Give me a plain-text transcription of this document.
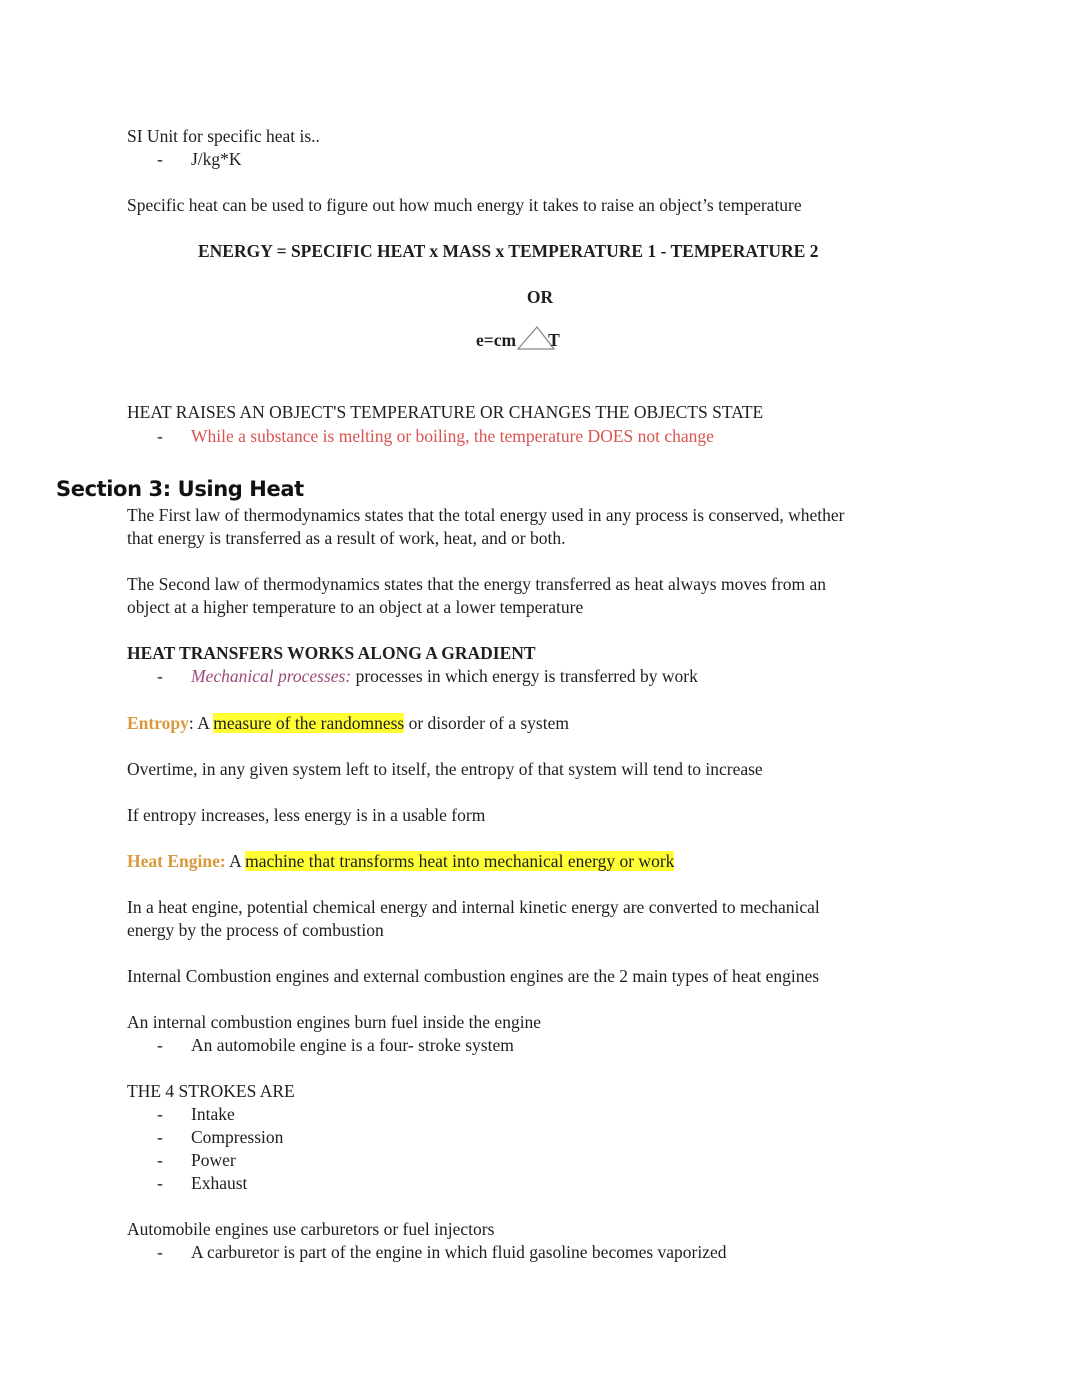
SI Unit for specific heat is..
- J/kg*K
Specific heat can be used to figure out how much energy it takes to raise an object’s temperature
ENERGY = SPECIFIC HEAT x MASS x TEMPERATURE 1 - TEMPERATURE 2
OR
e=cm T
HEAT RAISES AN OBJECT'S TEMPERATURE OR CHANGES THE OBJECTS STATE
- While a substance is melting or boiling, the temperature DOES not change
Section 3: Using Heat
The First law of thermodynamics states that the total energy used in any process is conserved, whether
that energy is transferred as a result of work, heat, and or both.
The Second law of thermodynamics states that the energy transferred as heat always moves from an
object at a higher temperature to an object at a lower temperature
HEAT TRANSFERS WORKS ALONG A GRADIENT
- Mechanical processes: processes in which energy is transferred by work
Entropy: A measure of the randomness or disorder of a system
Overtime, in any given system left to itself, the entropy of that system will tend to increase
If entropy increases, less energy is in a usable form
Heat Engine: A machine that transforms heat into mechanical energy or work
In a heat engine, potential chemical energy and internal kinetic energy are converted to mechanical
energy by the process of combustion
Internal Combustion engines and external combustion engines are the 2 main types of heat engines
An internal combustion engines burn fuel inside the engine
- An automobile engine is a four- stroke system
THE 4 STROKES ARE
- Intake
- Compression
- Power
- Exhaust
Automobile engines use carburetors or fuel injectors
- A carburetor is part of the engine in which fluid gasoline becomes vaporized
